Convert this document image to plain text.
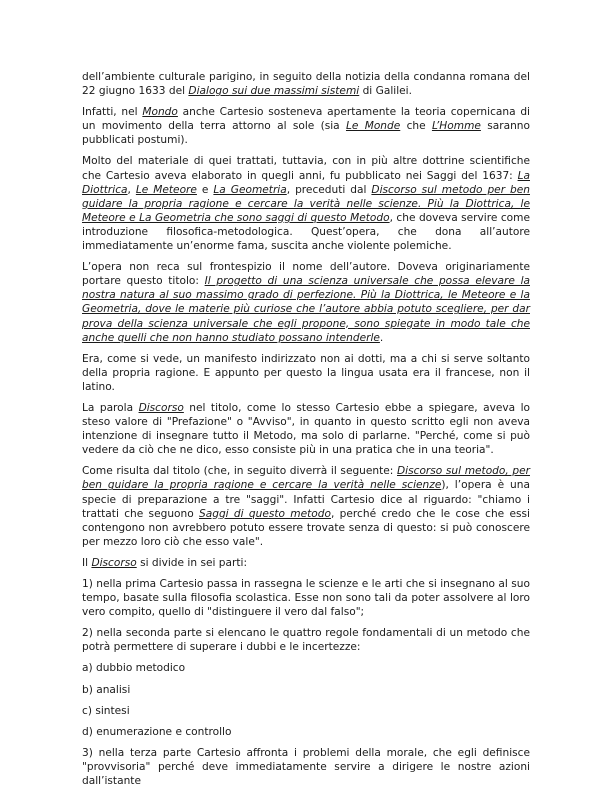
dell’ambiente culturale parigino, in seguito della notizia della condanna romana del 22 giugno 1633 del Dialogo sui due massimi sistemi di Galilei.

Infatti, nel Mondo anche Cartesio sosteneva apertamente la teoria copernicana di un movimento della terra attorno al sole (sia Le Monde che L’Homme saranno pubblicati postumi).

Molto del materiale di quei trattati, tuttavia, con in più altre dottrine scientifiche che Cartesio aveva elaborato in quegli anni, fu pubblicato nei Saggi del 1637: La Diottrica, Le Meteore e La Geometria, preceduti dal Discorso sul metodo per ben guidare la propria ragione e cercare la verità nelle scienze. Più la Diottrica, le Meteore e La Geometria che sono saggi di questo Metodo, che doveva servire come introduzione filosofica-metodologica. Quest’opera, che dona all’autore immediatamente un’enorme fama, suscita anche violente polemiche.

L’opera non reca sul frontespizio il nome dell’autore. Doveva originariamente portare questo titolo: Il progetto di una scienza universale che possa elevare la nostra natura al suo massimo grado di perfezione. Più la Diottrica, le Meteore e la Geometria, dove le materie più curiose che l’autore abbia potuto scegliere, per dar prova della scienza universale che egli propone, sono spiegate in modo tale che anche quelli che non hanno studiato possano intenderle.

Era, come si vede, un manifesto indirizzato non ai dotti, ma a chi si serve soltanto della propria ragione. E appunto per questo la lingua usata era il francese, non il latino.

La parola Discorso nel titolo, come lo stesso Cartesio ebbe a spiegare, aveva lo steso valore di "Prefazione" o "Avviso", in quanto in questo scritto egli non aveva intenzione di insegnare tutto il Metodo, ma solo di parlarne. "Perché, come si può vedere da ciò che ne dico, esso consiste più in una pratica che in una teoria".

Come risulta dal titolo (che, in seguito diverrà il seguente: Discorso sul metodo, per ben guidare la propria ragione e cercare la verità nelle scienze), l’opera è una specie di preparazione a tre "saggi". Infatti Cartesio dice al riguardo: "chiamo i trattati che seguono Saggi di questo metodo, perché credo che le cose che essi contengono non avrebbero potuto essere trovate senza di questo: si può conoscere per mezzo loro ciò che esso vale".

Il Discorso si divide in sei parti:

1) nella prima Cartesio passa in rassegna le scienze e le arti che si insegnano al suo tempo, basate sulla filosofia scolastica. Esse non sono tali da poter assolvere al loro vero compito, quello di "distinguere il vero dal falso";

2) nella seconda parte si elencano le quattro regole fondamentali di un metodo che potrà permettere di superare i dubbi e le incertezze:

a) dubbio metodico

b) analisi

c) sintesi

d) enumerazione e controllo

3) nella terza parte Cartesio affronta i problemi della morale, che egli definisce "provvisoria" perché deve immediatamente servire a dirigere le nostre azioni dall’istante
